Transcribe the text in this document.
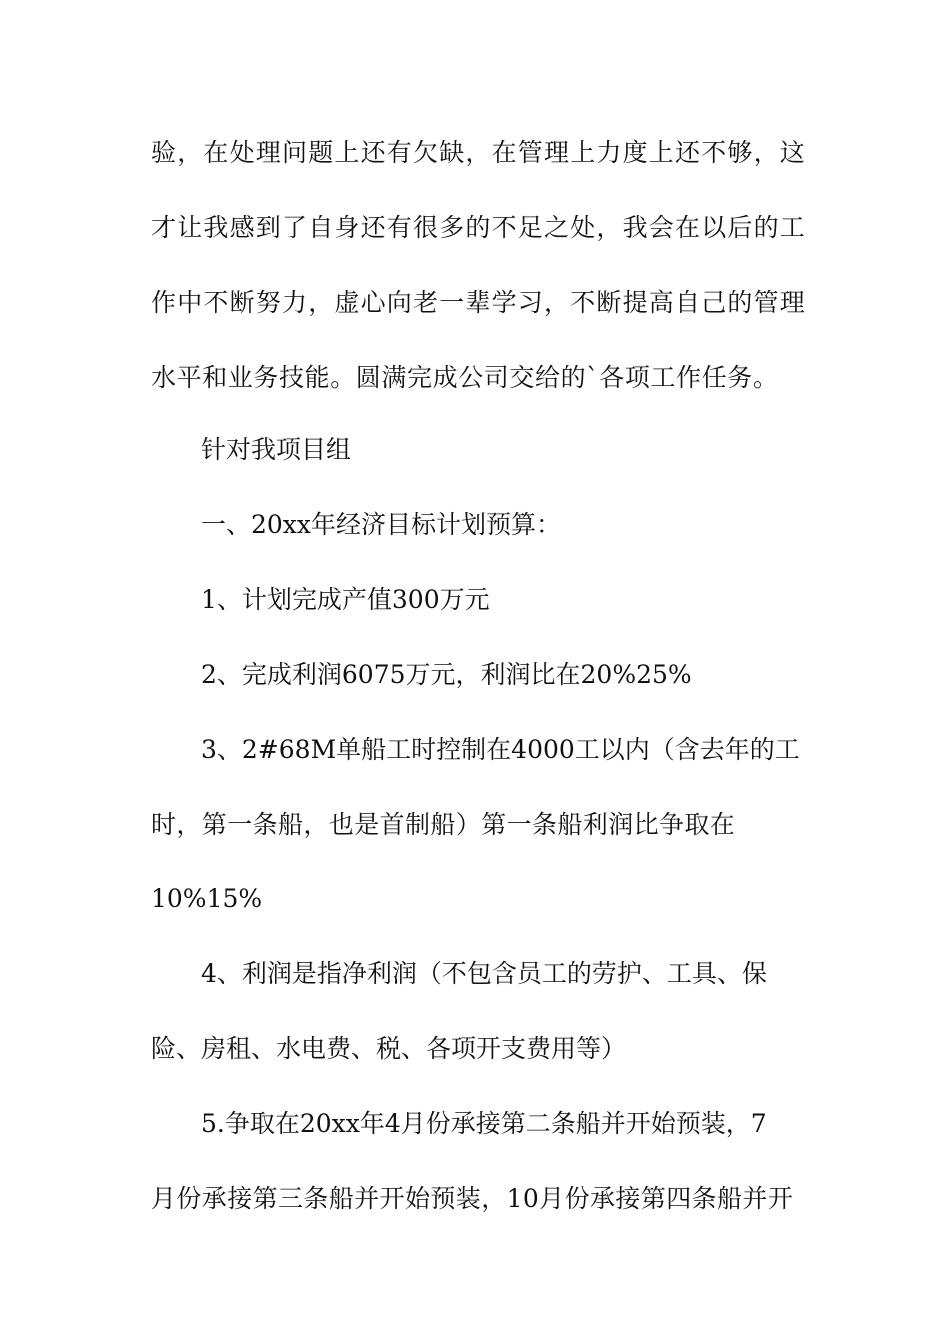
验，在处理问题上还有欠缺，在管理上力度上还不够，这
才让我感到了自身还有很多的不足之处，我会在以后的工
作中不断努力，虚心向老一辈学习，不断提高自己的管理
水平和业务技能。圆满完成公司交给的`各项工作任务。
针对我项目组
一、20xx年经济目标计划预算：
1、计划完成产值300万元
2、完成利润6075万元，利润比在20%25%
3、2#68M单船工时控制在4000工以内（含去年的工
时，第一条船，也是首制船）第一条船利润比争取在
10%15%
4、利润是指净利润（不包含员工的劳护、工具、保
险、房租、水电费、税、各项开支费用等）
5.争取在20xx年4月份承接第二条船并开始预装，7
月份承接第三条船并开始预装，10月份承接第四条船并开
